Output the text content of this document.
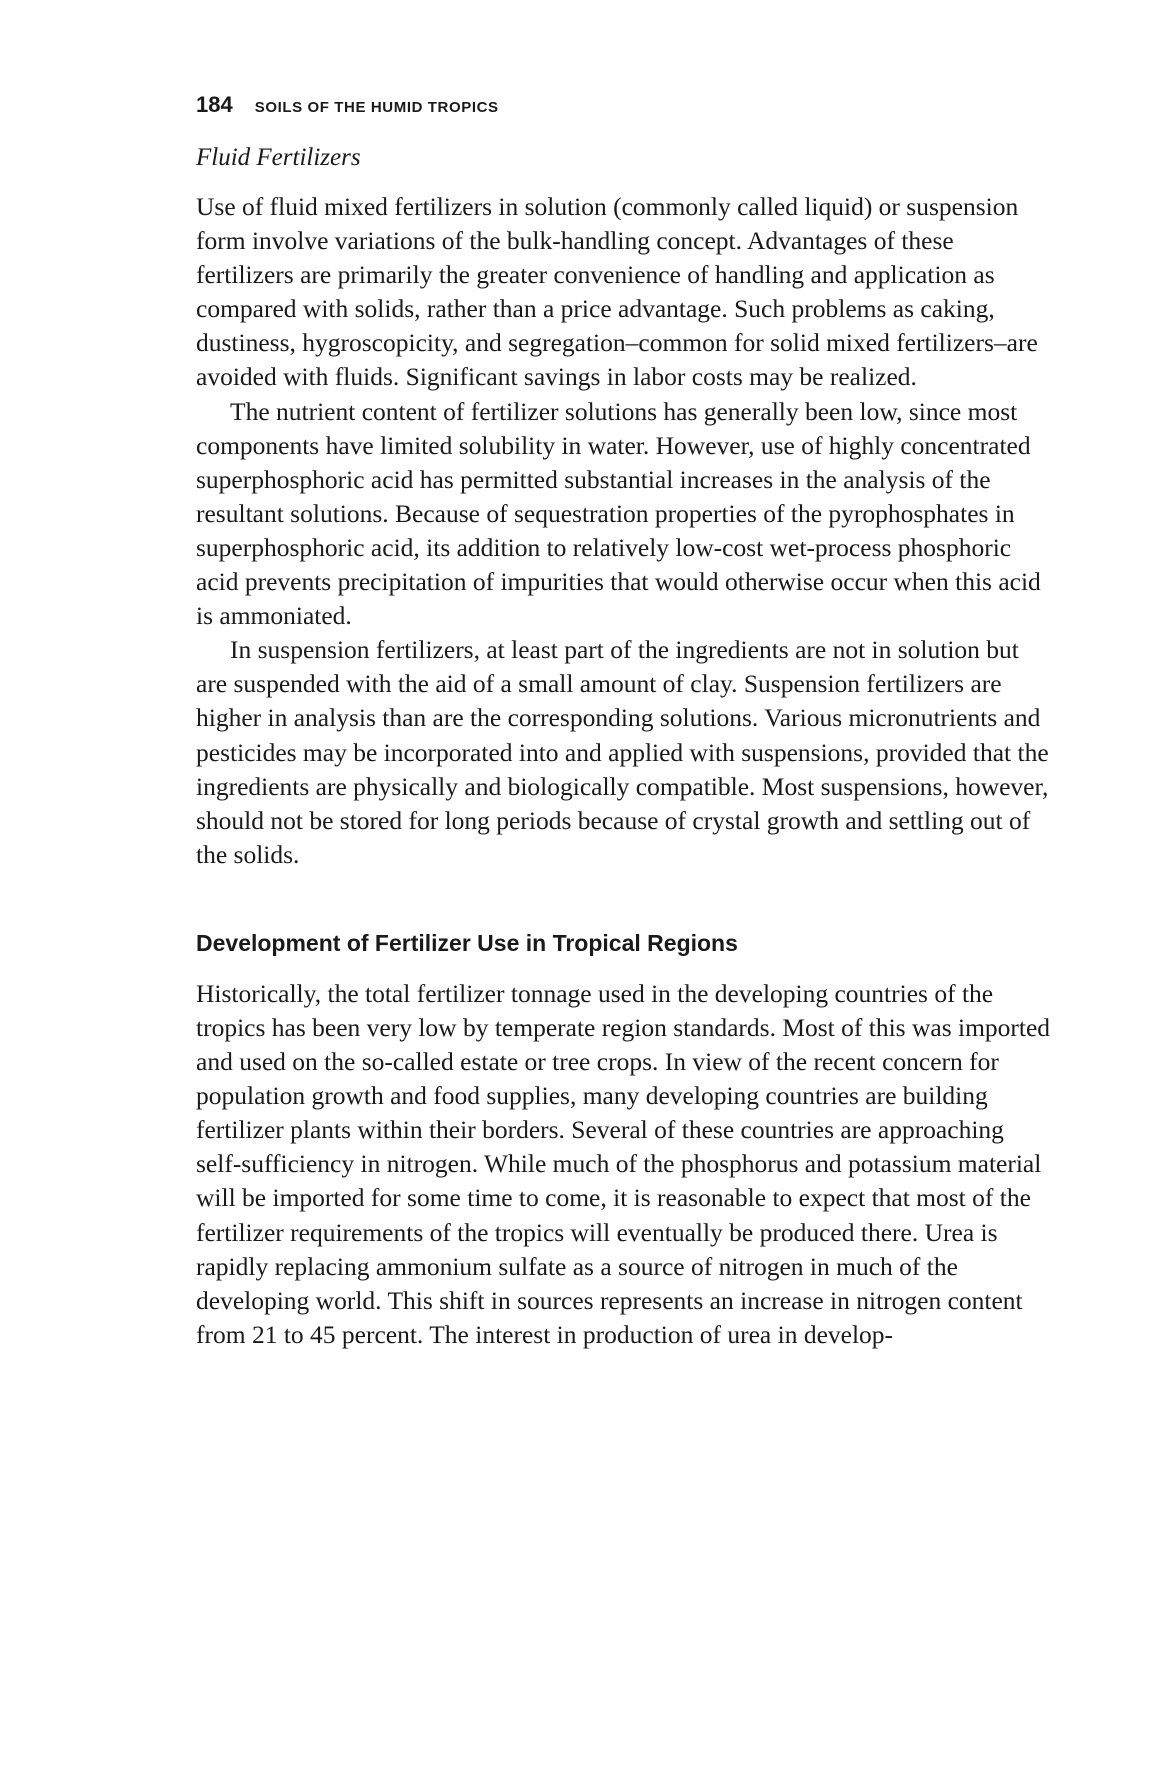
184 SOILS OF THE HUMID TROPICS
Fluid Fertilizers

Use of fluid mixed fertilizers in solution (commonly called liquid) or suspension form involve variations of the bulk-handling concept. Advantages of these fertilizers are primarily the greater convenience of handling and application as compared with solids, rather than a price advantage. Such problems as caking, dustiness, hygroscopicity, and segregation–common for solid mixed fertilizers–are avoided with fluids. Significant savings in labor costs may be realized.

The nutrient content of fertilizer solutions has generally been low, since most components have limited solubility in water. However, use of highly concentrated superphosphoric acid has permitted substantial increases in the analysis of the resultant solutions. Because of sequestration properties of the pyrophosphates in superphosphoric acid, its addition to relatively low-cost wet-process phosphoric acid prevents precipitation of impurities that would otherwise occur when this acid is ammoniated.

In suspension fertilizers, at least part of the ingredients are not in solution but are suspended with the aid of a small amount of clay. Suspension fertilizers are higher in analysis than are the corresponding solutions. Various micronutrients and pesticides may be incorporated into and applied with suspensions, provided that the ingredients are physically and biologically compatible. Most suspensions, however, should not be stored for long periods because of crystal growth and settling out of the solids.

Development of Fertilizer Use in Tropical Regions

Historically, the total fertilizer tonnage used in the developing countries of the tropics has been very low by temperate region standards. Most of this was imported and used on the so-called estate or tree crops. In view of the recent concern for population growth and food supplies, many developing countries are building fertilizer plants within their borders. Several of these countries are approaching self-sufficiency in nitrogen. While much of the phosphorus and potassium material will be imported for some time to come, it is reasonable to expect that most of the fertilizer requirements of the tropics will eventually be produced there. Urea is rapidly replacing ammonium sulfate as a source of nitrogen in much of the developing world. This shift in sources represents an increase in nitrogen content from 21 to 45 percent. The interest in production of urea in develop-
